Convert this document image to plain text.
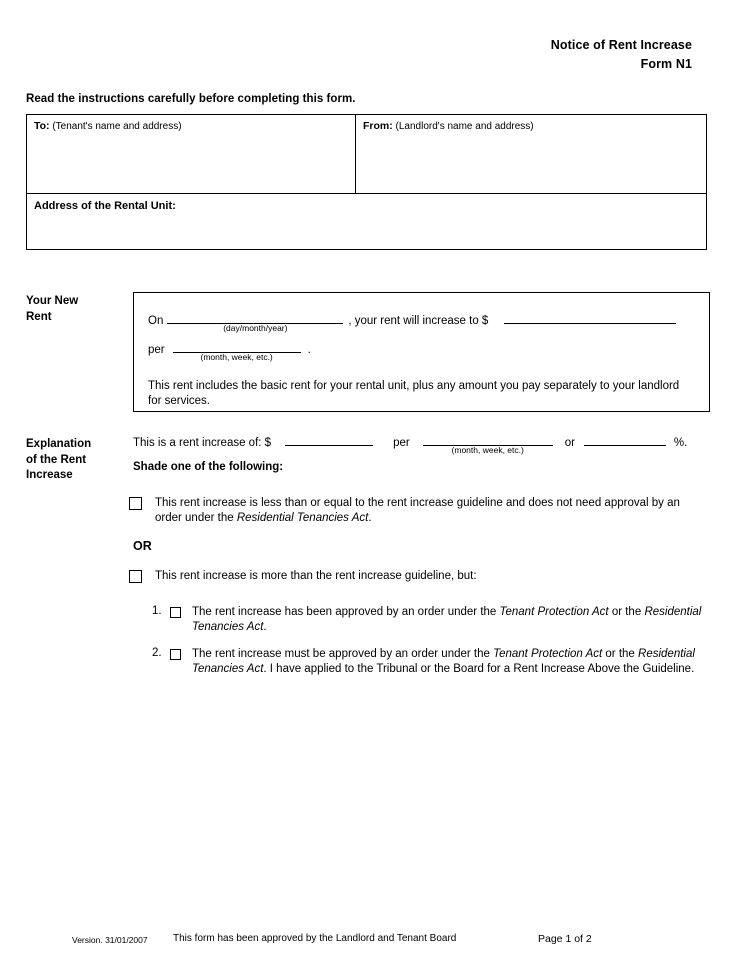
Notice of Rent Increase
Form N1
Read the instructions carefully before completing this form.
To: (Tenant's name and address)	From: (Landlord's name and address)
Address of the Rental Unit:
Your New
Rent	On
(day/month/year)
, your rent will increase to $
per
(month, week, etc.)
.
This rent includes the basic rent for your rental unit, plus any amount you pay separately to your landlord for services.
Explanation
of the Rent
Increase
This is a rent increase of: $	per
(month, week, etc.)
or	%.
Shade one of the following:
This rent increase is less than or equal to the rent increase guideline and does not need approval by an order under the Residential Tenancies Act.
OR
This rent increase is more than the rent increase guideline, but:
1.	The rent increase has been approved by an order under the Tenant Protection Act or the Residential Tenancies Act.
2.	The rent increase must be approved by an order under the Tenant Protection Act or the Residential Tenancies Act. I have applied to the Tribunal or the Board for a Rent Increase Above the Guideline.
Version. 31/01/2007	This form has been approved by the Landlord and Tenant Board	Page 1 of 2
